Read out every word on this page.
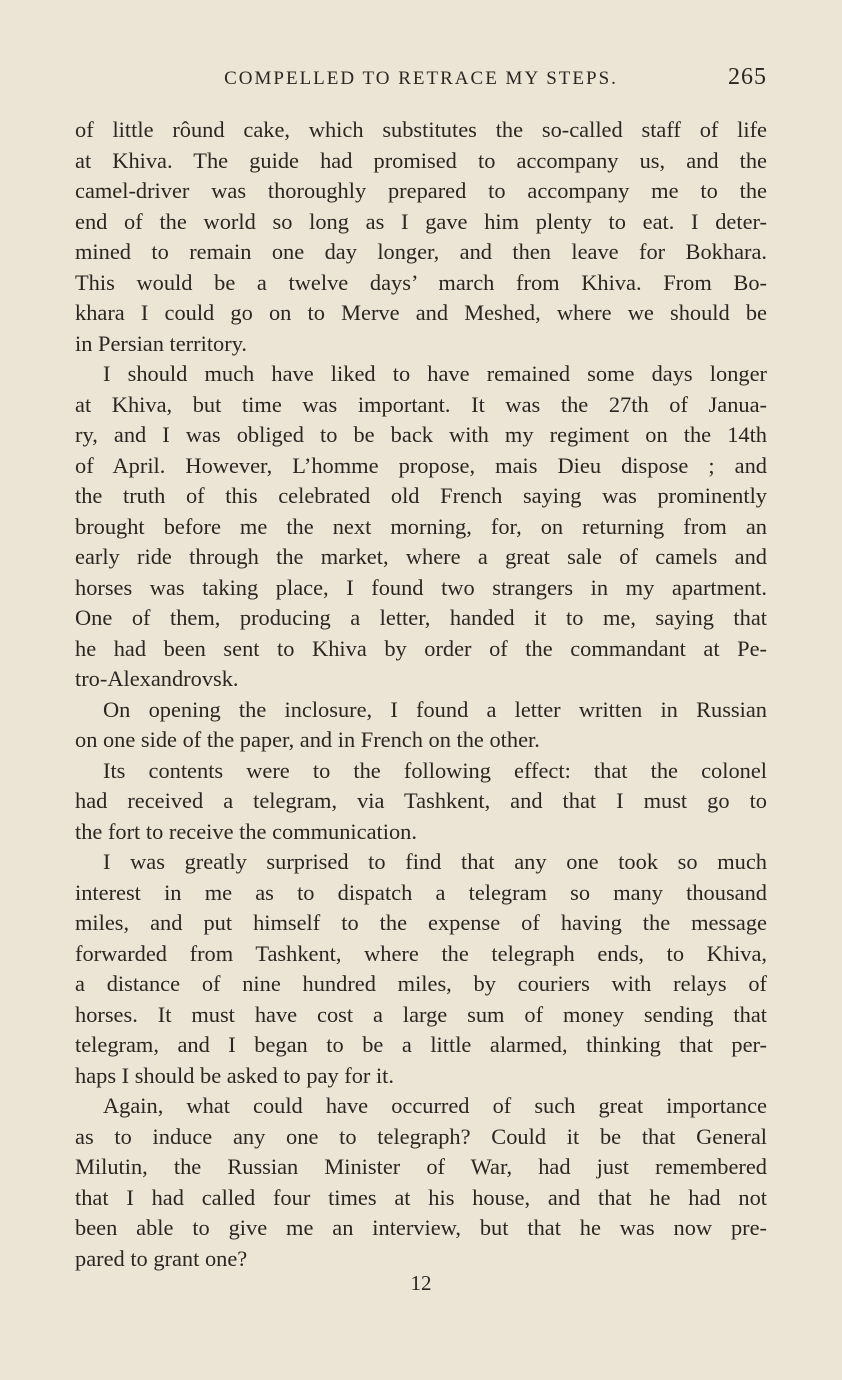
COMPELLED TO RETRACE MY STEPS.	265
of little rôund cake, which substitutes the so-called staff of life
at Khiva. The guide had promised to accompany us, and the
camel-driver was thoroughly prepared to accompany me to the
end of the world so long as I gave him plenty to eat. I deter-
mined to remain one day longer, and then leave for Bokhara.
This would be a twelve days’ march from Khiva. From Bo-
khara I could go on to Merve and Meshed, where we should be
in Persian territory.
I should much have liked to have remained some days longer
at Khiva, but time was important. It was the 27th of Janua-
ry, and I was obliged to be back with my regiment on the 14th
of April. However, L’homme propose, mais Dieu dispose ; and
the truth of this celebrated old French saying was prominently
brought before me the next morning, for, on returning from an
early ride through the market, where a great sale of camels and
horses was taking place, I found two strangers in my apartment.
One of them, producing a letter, handed it to me, saying that
he had been sent to Khiva by order of the commandant at Pe-
tro-Alexandrovsk.
On opening the inclosure, I found a letter written in Russian
on one side of the paper, and in French on the other.
Its contents were to the following effect: that the colonel
had received a telegram, via Tashkent, and that I must go to
the fort to receive the communication.
I was greatly surprised to find that any one took so much
interest in me as to dispatch a telegram so many thousand
miles, and put himself to the expense of having the message
forwarded from Tashkent, where the telegraph ends, to Khiva,
a distance of nine hundred miles, by couriers with relays of
horses. It must have cost a large sum of money sending that
telegram, and I began to be a little alarmed, thinking that per-
haps I should be asked to pay for it.
Again, what could have occurred of such great importance
as to induce any one to telegraph? Could it be that General
Milutin, the Russian Minister of War, had just remembered
that I had called four times at his house, and that he had not
been able to give me an interview, but that he was now pre-
pared to grant one?
12
